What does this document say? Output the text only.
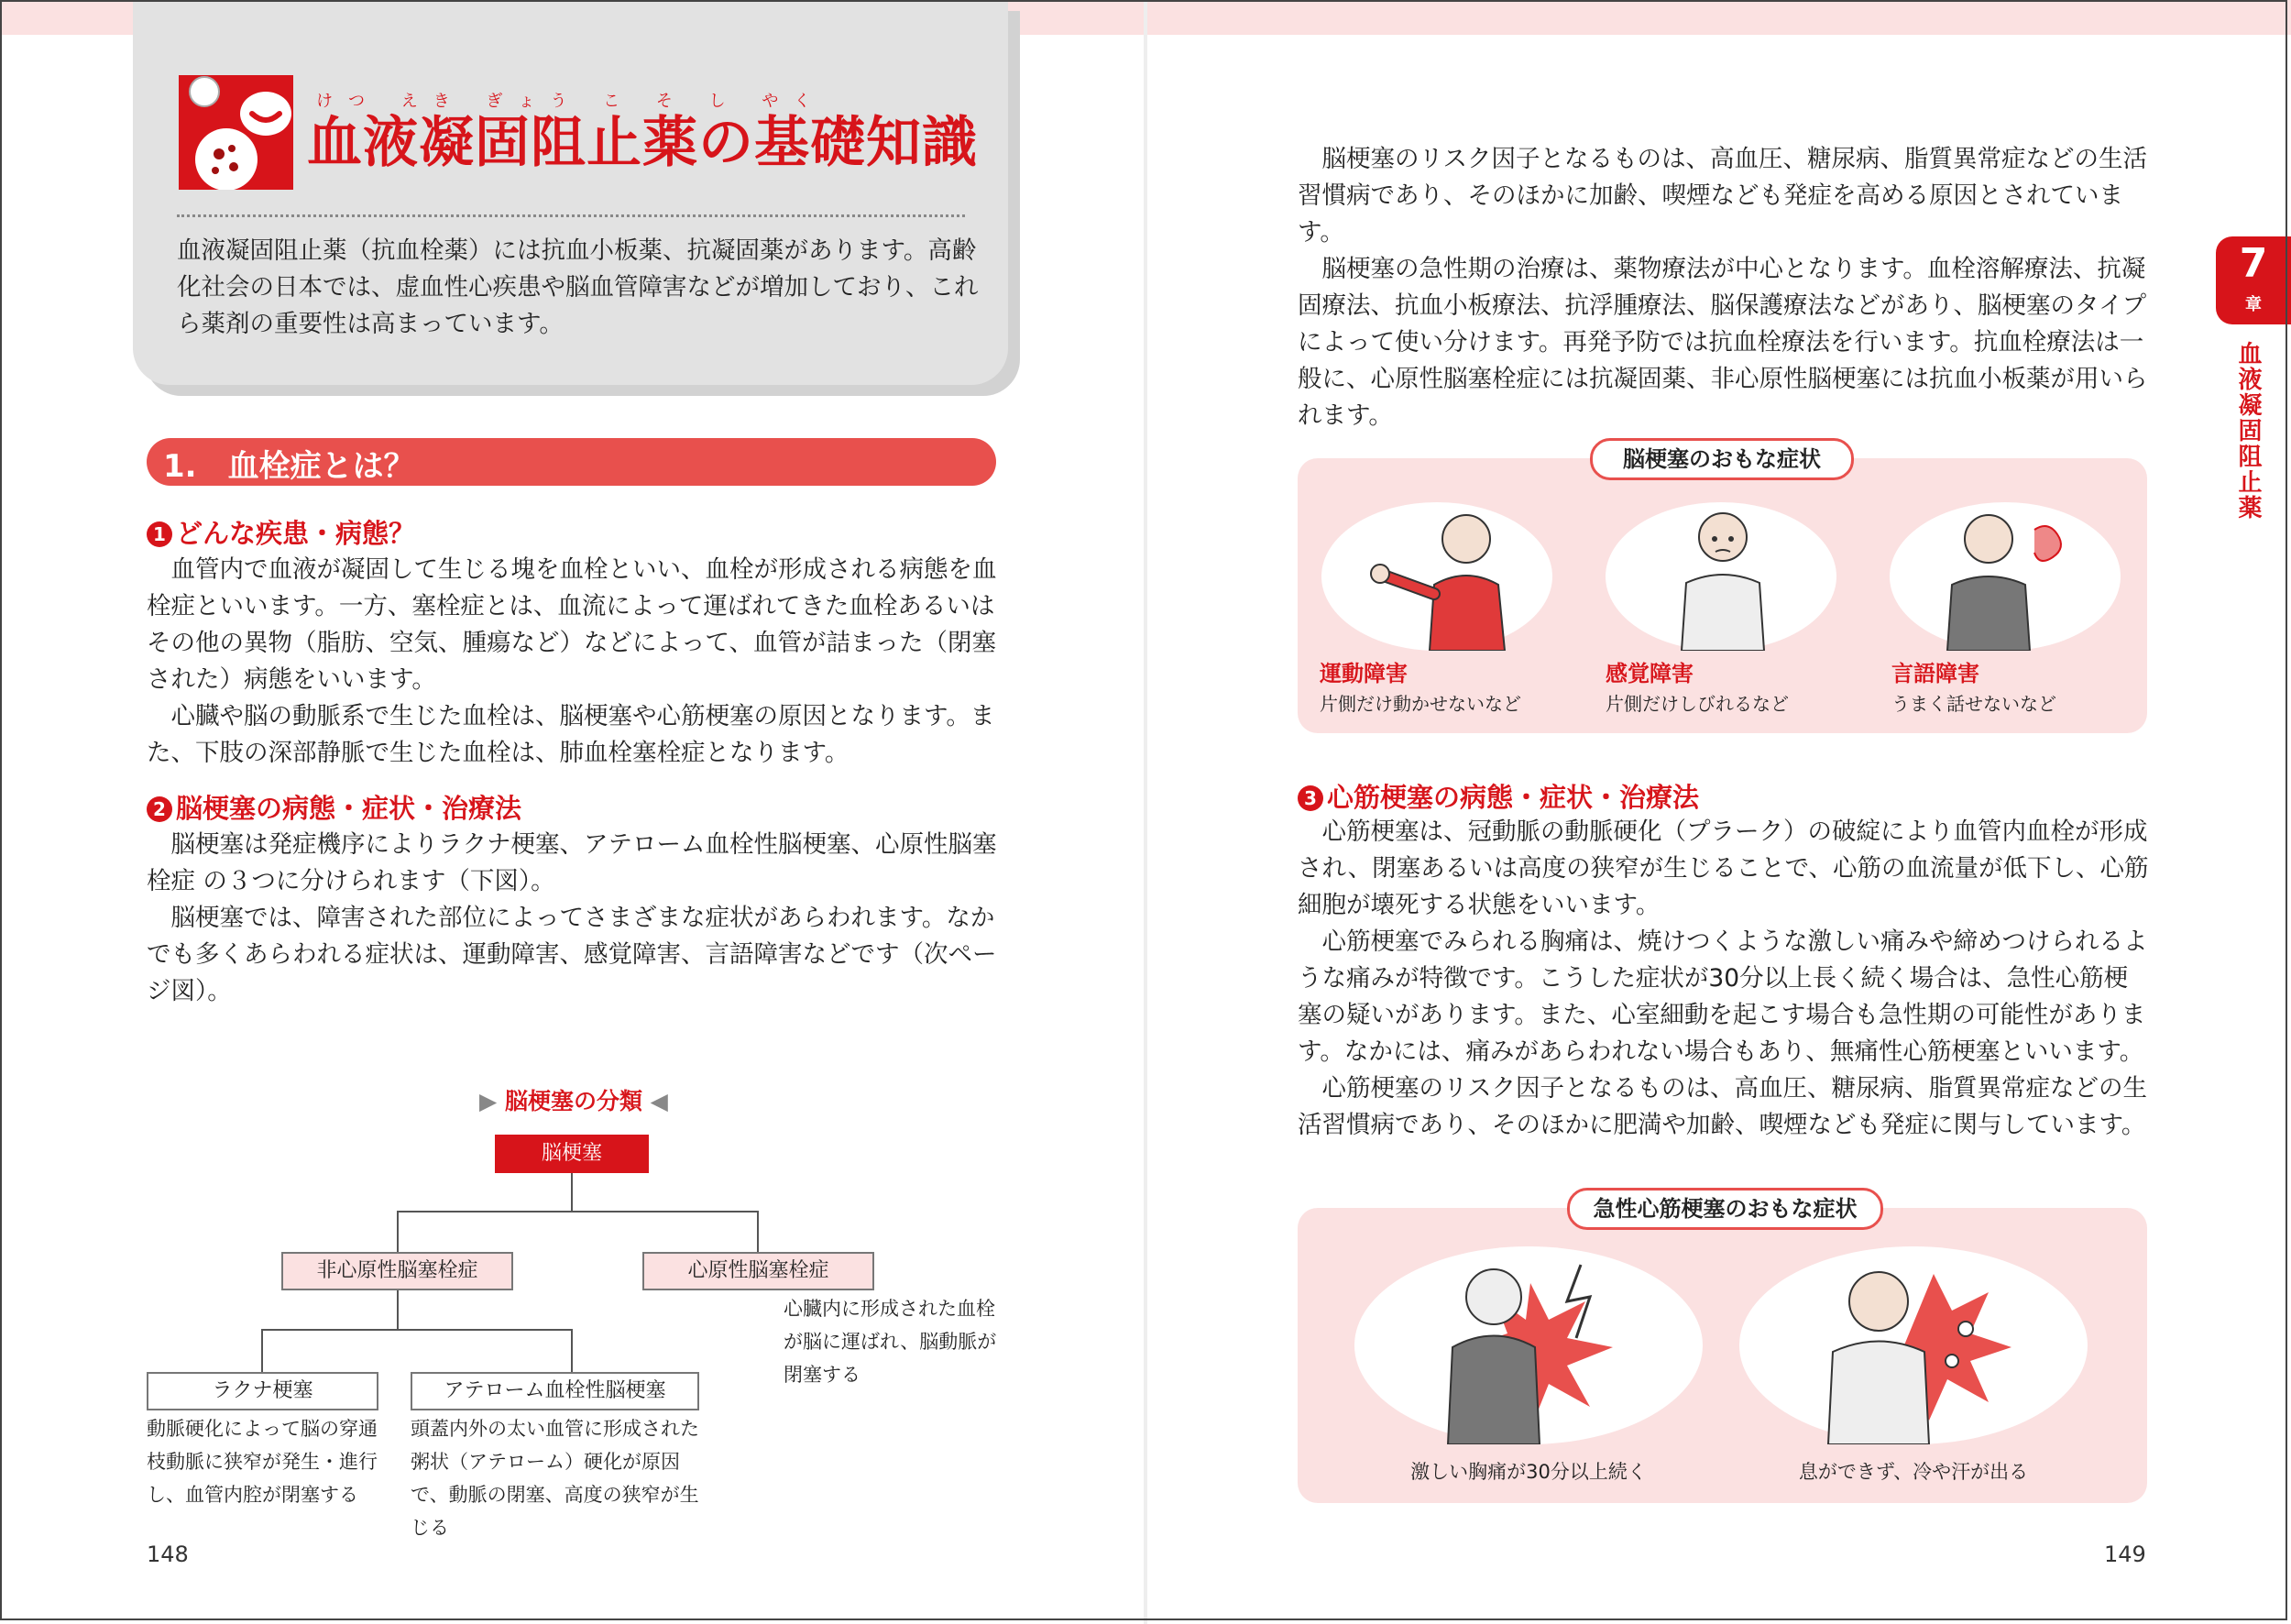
けつ えき ぎょう こ そ し やく
血液凝固阻止薬の基礎知識
血液凝固阻止薬（抗血栓薬）には抗血小板薬、抗凝固薬があります。高齢化社会の日本では、虚血性心疾患や脳血管障害などが増加しており、これら薬剤の重要性は高まっています。
1.　血栓症とは？
1 どんな疾患・病態？

血管内で血液が凝固して生じる塊を血栓といい、血栓が形成される病態を血栓症といいます。一方、塞栓症とは、血流によって運ばれてきた血栓あるいはその他の異物（脂肪、空気、腫瘍など）などによって、血管が詰まった（閉塞された）病態をいいます。

心臓や脳の動脈系で生じた血栓は、脳梗塞や心筋梗塞の原因となります。また、下肢の深部静脈で生じた血栓は、肺血栓塞栓症となります。

2 脳梗塞の病態・症状・治療法

脳梗塞は発症機序によりラクナ梗塞、アテローム血栓性脳梗塞、心原性脳塞栓症 の３つに分けられます（下図）。

脳梗塞では、障害された部位によってさまざまな症状があらわれます。なかでも多くあらわれる症状は、運動障害、感覚障害、言語障害などです（次ページ図）。

▶ 脳梗塞の分類 ◀
脳梗塞
非心原性脳塞栓症	心原性脳塞栓症
心臓内に形成された血栓が脳に運ばれ、脳動脈が閉塞する
ラクナ梗塞	アテローム血栓性脳梗塞
動脈硬化によって脳の穿通枝動脈に狭窄が発生・進行し、血管内腔が閉塞する
頭蓋内外の太い血管に形成された粥状（アテローム）硬化が原因で、動脈の閉塞、高度の狭窄が生じる
148

脳梗塞のリスク因子となるものは、高血圧、糖尿病、脂質異常症などの生活習慣病であり、そのほかに加齢、喫煙なども発症を高める原因とされています。

脳梗塞の急性期の治療は、薬物療法が中心となります。血栓溶解療法、抗凝固療法、抗血小板療法、抗浮腫療法、脳保護療法などがあり、脳梗塞のタイプによって使い分けます。再発予防では抗血栓療法を行います。抗血栓療法は一般に、心原性脳塞栓症には抗凝固薬、非心原性脳梗塞には抗血小板薬が用いられます。

脳梗塞のおもな症状
運動障害
片側だけ動かせないなど
感覚障害
片側だけしびれるなど
言語障害
うまく話せないなど
3 心筋梗塞の病態・症状・治療法

心筋梗塞は、冠動脈の動脈硬化（プラーク）の破綻により血管内血栓が形成され、閉塞あるいは高度の狭窄が生じることで、心筋の血流量が低下し、心筋細胞が壊死する状態をいいます。

心筋梗塞でみられる胸痛は、焼けつくような激しい痛みや締めつけられるような痛みが特徴です。こうした症状が30分以上長く続く場合は、急性心筋梗塞の疑いがあります。また、心室細動を起こす場合も急性期の可能性があります。なかには、痛みがあらわれない場合もあり、無痛性心筋梗塞といいます。

心筋梗塞のリスク因子となるものは、高血圧、糖尿病、脂質異常症などの生活習慣病であり、そのほかに肥満や加齢、喫煙なども発症に関与しています。

急性心筋梗塞のおもな症状
激しい胸痛が30分以上続く	息ができず、冷や汗が出る
149
7
章
血液凝固阻止薬
